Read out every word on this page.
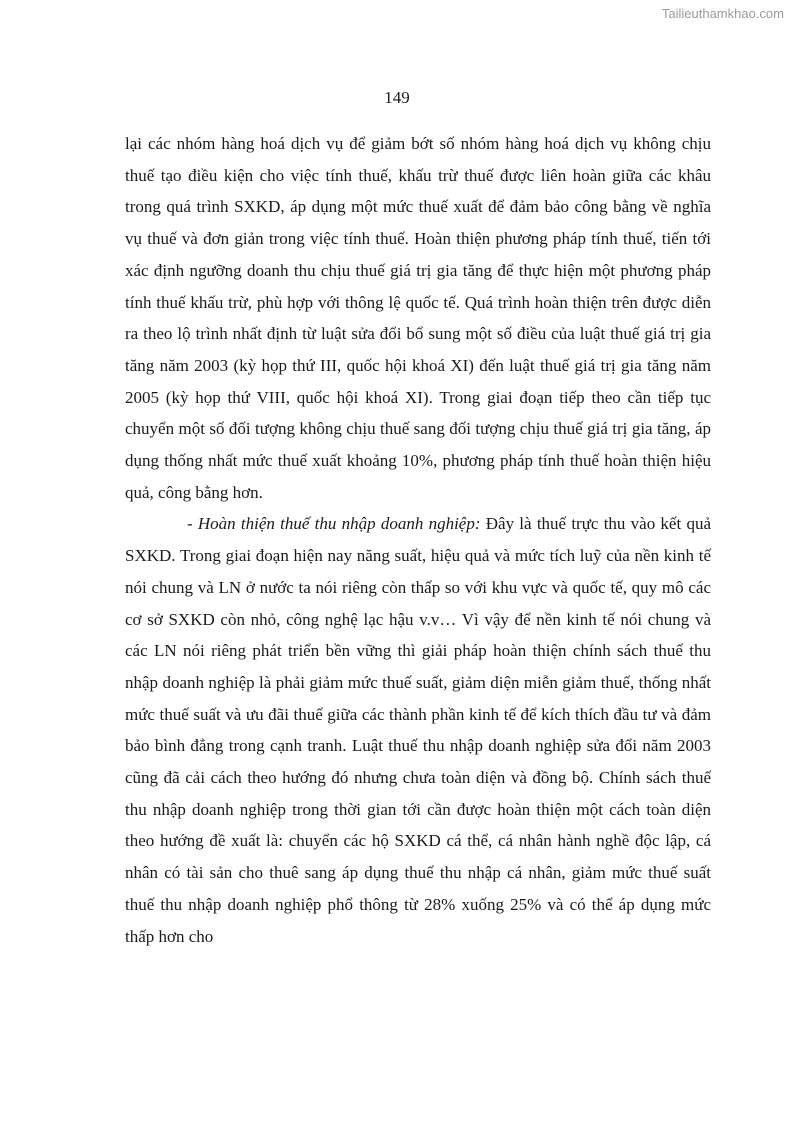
Tailieuthamkhao.com
149

lại các nhóm hàng hoá dịch vụ để giảm bớt số nhóm hàng hoá dịch vụ không chịu thuế tạo điều kiện cho việc tính thuế, khấu trừ thuế được liên hoàn giữa các khâu trong quá trình SXKD, áp dụng một mức thuế xuất để đảm bảo công bằng về nghĩa vụ thuế và đơn giản trong việc tính thuế. Hoàn thiện phương pháp tính thuế, tiến tới xác định ngưỡng doanh thu chịu thuế giá trị gia tăng để thực hiện một phương pháp tính thuế khấu trừ, phù hợp với thông lệ quốc tế. Quá trình hoàn thiện trên được diễn ra theo lộ trình nhất định từ luật sửa đổi bổ sung một số điều của luật thuế giá trị gia tăng năm 2003 (kỳ họp thứ III, quốc hội khoá XI) đến luật thuế giá trị gia tăng năm 2005 (kỳ họp thứ VIII, quốc hội khoá XI). Trong giai đoạn tiếp theo cần tiếp tục chuyển một số đối tượng không chịu thuế sang đối tượng chịu thuế giá trị gia tăng, áp dụng thống nhất mức thuế xuất khoảng 10%, phương pháp tính thuế hoàn thiện hiệu quả, công bằng hơn.

- Hoàn thiện thuế thu nhập doanh nghiệp: Đây là thuế trực thu vào kết quả SXKD. Trong giai đoạn hiện nay năng suất, hiệu quả và mức tích luỹ của nền kinh tế nói chung và LN ở nước ta nói riêng còn thấp so với khu vực và quốc tế, quy mô các cơ sở SXKD còn nhỏ, công nghệ lạc hậu v.v… Vì vậy để nền kinh tế nói chung và các LN nói riêng phát triển bền vững thì giải pháp hoàn thiện chính sách thuế thu nhập doanh nghiệp là phải giảm mức thuế suất, giảm diện miễn giảm thuế, thống nhất mức thuế suất và ưu đãi thuế giữa các thành phần kinh tế để kích thích đầu tư và đảm bảo bình đẳng trong cạnh tranh. Luật thuế thu nhập doanh nghiệp sửa đổi năm 2003 cũng đã cải cách theo hướng đó nhưng chưa toàn diện và đồng bộ. Chính sách thuế thu nhập doanh nghiệp trong thời gian tới cần được hoàn thiện một cách toàn diện theo hướng đề xuất là: chuyển các hộ SXKD cá thể, cá nhân hành nghề độc lập, cá nhân có tài sản cho thuê sang áp dụng thuế thu nhập cá nhân, giảm mức thuế suất thuế thu nhập doanh nghiệp phổ thông từ 28% xuống 25% và có thể áp dụng mức thấp hơn cho
